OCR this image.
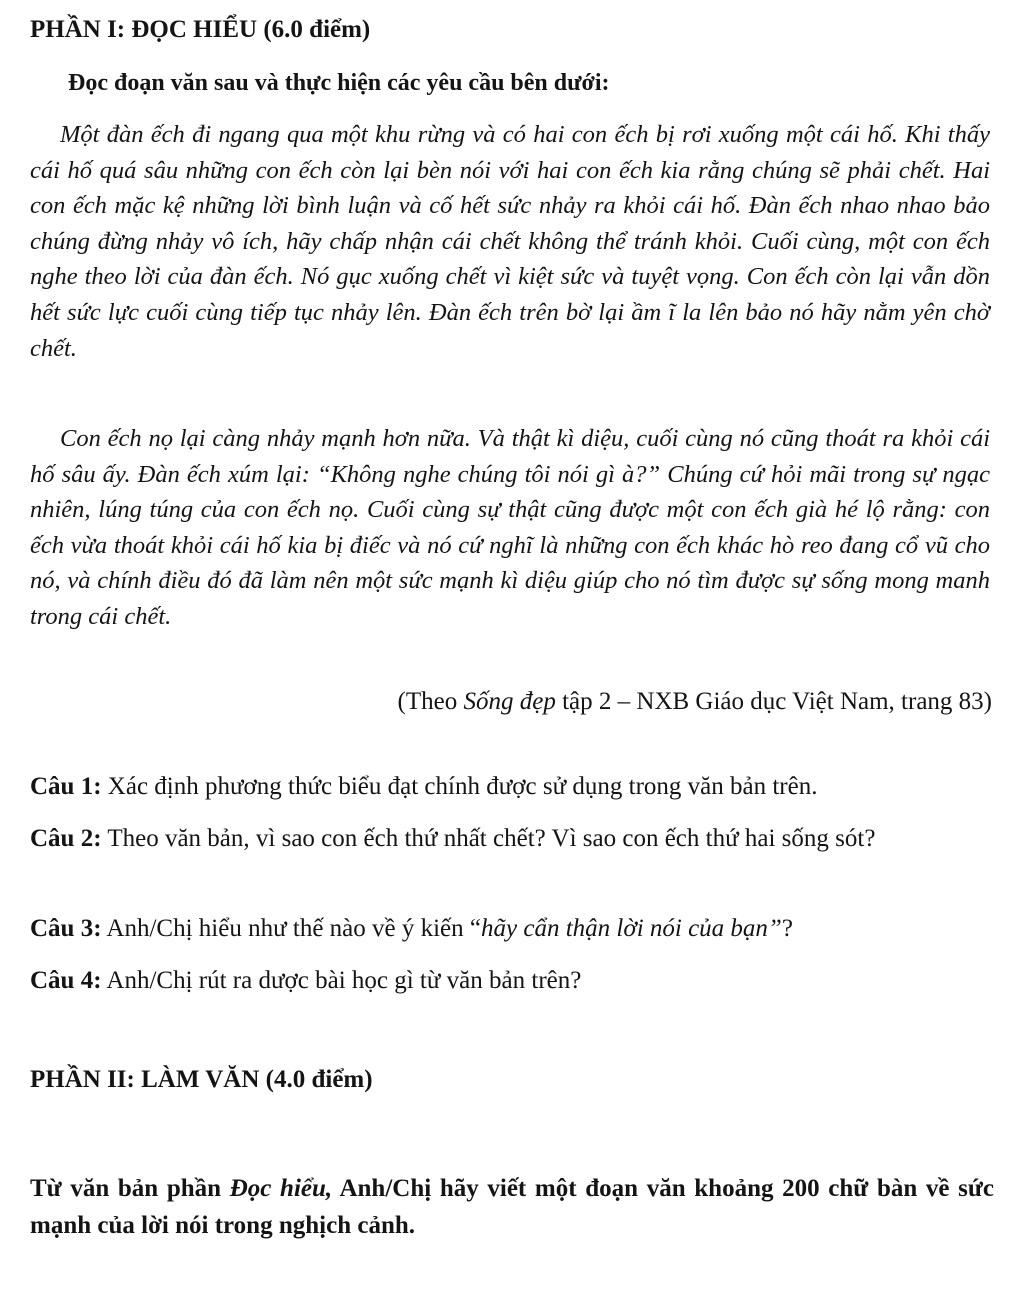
PHẦN I: ĐỌC HIỂU (6.0 điểm)
Đọc đoạn văn sau và thực hiện các yêu cầu bên dưới:
Một đàn ếch đi ngang qua một khu rừng và có hai con ếch bị rơi xuống một cái hố. Khi thấy cái hố quá sâu những con ếch còn lại bèn nói với hai con ếch kia rằng chúng sẽ phải chết. Hai con ếch mặc kệ những lời bình luận và cố hết sức nhảy ra khỏi cái hố. Đàn ếch nhao nhao bảo chúng đừng nhảy vô ích, hãy chấp nhận cái chết không thể tránh khỏi. Cuối cùng, một con ếch nghe theo lời của đàn ếch. Nó gục xuống chết vì kiệt sức và tuyệt vọng. Con ếch còn lại vẫn dồn hết sức lực cuối cùng tiếp tục nhảy lên. Đàn ếch trên bờ lại ầm ĩ la lên bảo nó hãy nằm yên chờ chết.
Con ếch nọ lại càng nhảy mạnh hơn nữa. Và thật kì diệu, cuối cùng nó cũng thoát ra khỏi cái hố sâu ấy. Đàn ếch xúm lại: “Không nghe chúng tôi nói gì à?” Chúng cứ hỏi mãi trong sự ngạc nhiên, lúng túng của con ếch nọ. Cuối cùng sự thật cũng được một con ếch già hé lộ rằng: con ếch vừa thoát khỏi cái hố kia bị điếc và nó cứ nghĩ là những con ếch khác hò reo đang cổ vũ cho nó, và chính điều đó đã làm nên một sức mạnh kì diệu giúp cho nó tìm được sự sống mong manh trong cái chết.
(Theo Sống đẹp tập 2 – NXB Giáo dục Việt Nam, trang 83)
Câu 1: Xác định phương thức biểu đạt chính được sử dụng trong văn bản trên.
Câu 2: Theo văn bản, vì sao con ếch thứ nhất chết? Vì sao con ếch thứ hai sống sót?
Câu 3: Anh/Chị hiểu như thế nào về ý kiến “hãy cẩn thận lời nói của bạn”?
Câu 4: Anh/Chị rút ra dược bài học gì từ văn bản trên?
PHẦN II: LÀM VĂN (4.0 điểm)
Từ văn bản phần Đọc hiểu, Anh/Chị hãy viết một đoạn văn khoảng 200 chữ bàn về sức mạnh của lời nói trong nghịch cảnh.
